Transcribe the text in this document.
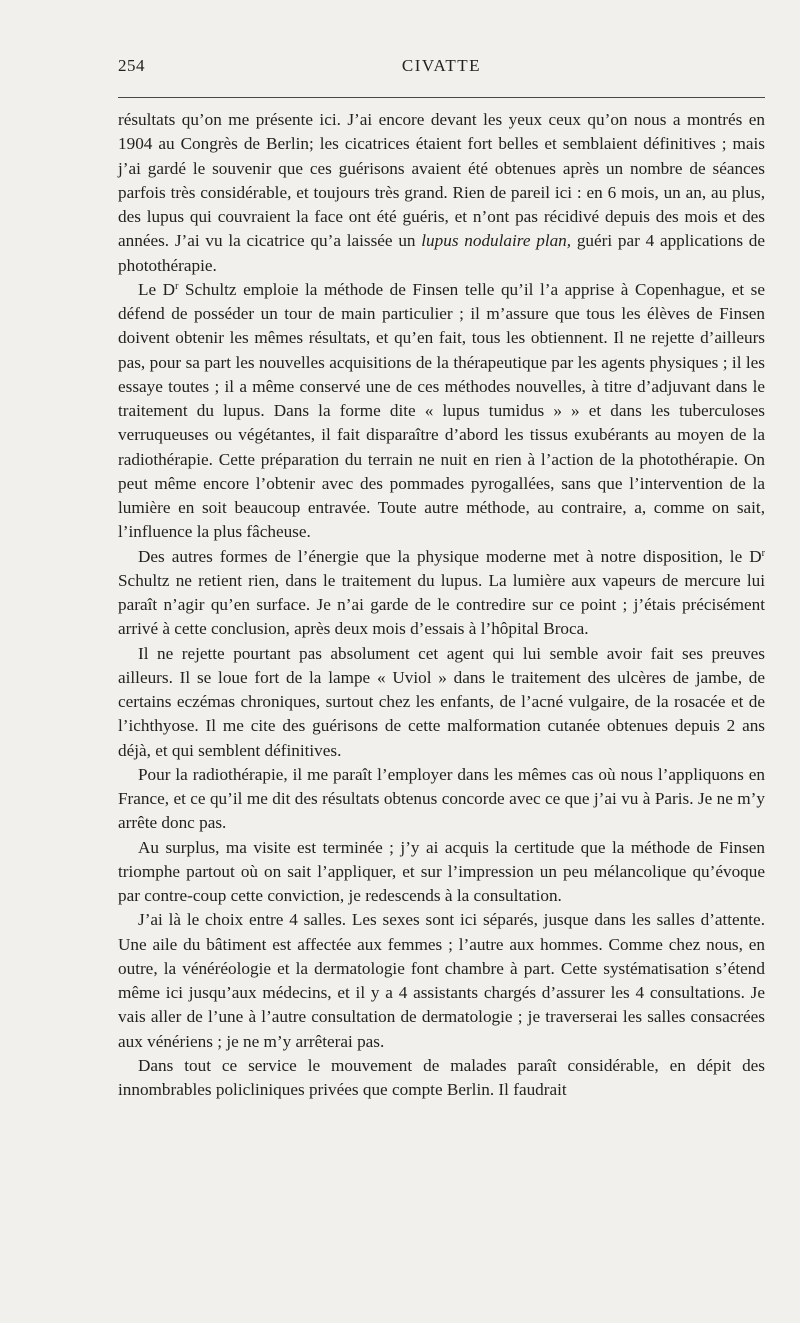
254	CIVATTE

résultats qu’on me présente ici. J’ai encore devant les yeux ceux qu’on nous a montrés en 1904 au Congrès de Berlin; les cicatrices étaient fort belles et semblaient définitives ; mais j’ai gardé le souvenir que ces guérisons avaient été obtenues après un nombre de séances parfois très considérable, et toujours très grand. Rien de pareil ici : en 6 mois, un an, au plus, des lupus qui couvraient la face ont été guéris, et n’ont pas récidivé depuis des mois et des années. J’ai vu la cicatrice qu’a laissée un lupus nodulaire plan, guéri par 4 applications de photothérapie.

Le $D^r$ Schultz emploie la méthode de Finsen telle qu’il l’a apprise à Copenhague, et se défend de posséder un tour de main particulier ; il m’assure que tous les élèves de Finsen doivent obtenir les mêmes résultats, et qu’en fait, tous les obtiennent. Il ne rejette d’ailleurs pas, pour sa part les nouvelles acquisitions de la thérapeutique par les agents physiques ; il les essaye toutes ; il a même conservé une de ces méthodes nouvelles, à titre d’adjuvant dans le traitement du lupus. Dans la forme dite « lupus tumidus » » et dans les tuberculoses verruqueuses ou végétantes, il fait disparaître d’abord les tissus exubérants au moyen de la radiothérapie. Cette préparation du terrain ne nuit en rien à l’action de la photothérapie. On peut même encore l’obtenir avec des pommades pyrogallées, sans que l’intervention de la lumière en soit beaucoup entravée. Toute autre méthode, au contraire, a, comme on sait, l’influence la plus fâcheuse.

Des autres formes de l’énergie que la physique moderne met à notre disposition, le $D^r$ Schultz ne retient rien, dans le traitement du lupus. La lumière aux vapeurs de mercure lui paraît n’agir qu’en surface. Je n’ai garde de le contredire sur ce point ; j’étais précisément arrivé à cette conclusion, après deux mois d’essais à l’hôpital Broca.

Il ne rejette pourtant pas absolument cet agent qui lui semble avoir fait ses preuves ailleurs. Il se loue fort de la lampe « Uviol » dans le traitement des ulcères de jambe, de certains eczémas chroniques, surtout chez les enfants, de l’acné vulgaire, de la rosacée et de l’ichthyose. Il me cite des guérisons de cette malformation cutanée obtenues depuis 2 ans déjà, et qui semblent définitives.

Pour la radiothérapie, il me paraît l’employer dans les mêmes cas où nous l’appliquons en France, et ce qu’il me dit des résultats obtenus concorde avec ce que j’ai vu à Paris. Je ne m’y arrête donc pas.

Au surplus, ma visite est terminée ; j’y ai acquis la certitude que la méthode de Finsen triomphe partout où on sait l’appliquer, et sur l’impression un peu mélancolique qu’évoque par contre-coup cette conviction, je redescends à la consultation.

J’ai là le choix entre 4 salles. Les sexes sont ici séparés, jusque dans les salles d’attente. Une aile du bâtiment est affectée aux femmes ; l’autre aux hommes. Comme chez nous, en outre, la vénéréologie et la dermatologie font chambre à part. Cette systématisation s’étend même ici jusqu’aux médecins, et il y a 4 assistants chargés d’assurer les 4 consultations. Je vais aller de l’une à l’autre consultation de dermatologie ; je traverserai les salles consacrées aux vénériens ; je ne m’y arrêterai pas.

Dans tout ce service le mouvement de malades paraît considérable, en dépit des innombrables policliniques privées que compte Berlin. Il faudrait
